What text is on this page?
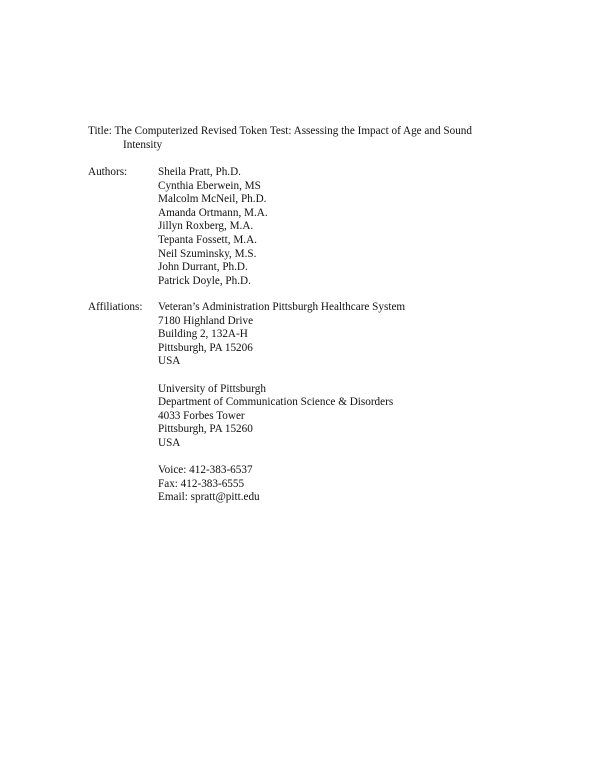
Title: The Computerized Revised Token Test: Assessing the Impact of Age and Sound
Intensity
Authors:	Sheila Pratt, Ph.D.
Cynthia Eberwein, MS
Malcolm McNeil, Ph.D.
Amanda Ortmann, M.A.
Jillyn Roxberg, M.A.
Tepanta Fossett, M.A.
Neil Szuminsky, M.S.
John Durrant, Ph.D.
Patrick Doyle, Ph.D.
Affiliations: Veteran’s Administration Pittsburgh Healthcare System
7180 Highland Drive
Building 2, 132A-H
Pittsburgh, PA 15206
USA
University of Pittsburgh
Department of Communication Science & Disorders
4033 Forbes Tower
Pittsburgh, PA 15260
USA
Voice: 412-383-6537
Fax: 412-383-6555
Email: spratt@pitt.edu
